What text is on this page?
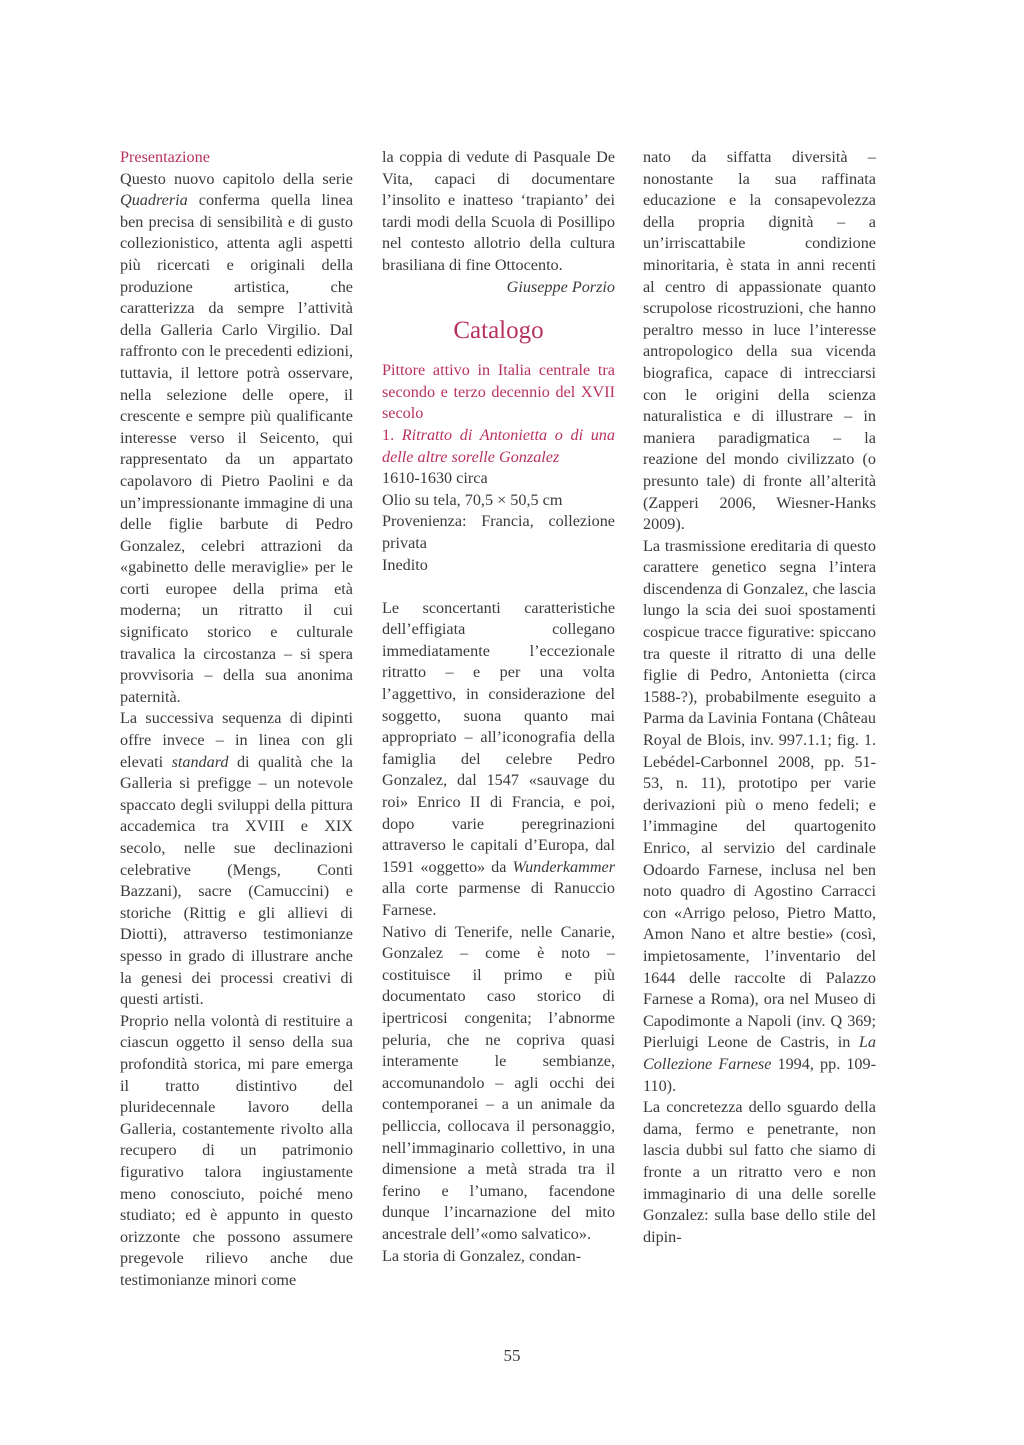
Presentazione

Questo nuovo capitolo della serie Quadreria conferma quella linea ben precisa di sensibilità e di gusto collezionistico, attenta agli aspetti più ricercati e originali della produzione artistica, che caratterizza da sempre l’attività della Galleria Carlo Virgilio. Dal raffronto con le precedenti edizioni, tuttavia, il lettore potrà osservare, nella selezione delle opere, il crescente e sempre più qualificante interesse verso il Seicento, qui rappresentato da un appartato capolavoro di Pietro Paolini e da un’impressionante immagine di una delle figlie barbute di Pedro Gonzalez, celebri attrazioni da «gabinetto delle meraviglie» per le corti europee della prima età moderna; un ritratto il cui significato storico e culturale travalica la circostanza – si spera provvisoria – della sua anonima paternità.

La successiva sequenza di dipinti offre invece – in linea con gli elevati standard di qualità che la Galleria si prefigge – un notevole spaccato degli sviluppi della pittura accademica tra XVIII e XIX secolo, nelle sue declinazioni celebrative (Mengs, Conti Bazzani), sacre (Camuccini) e storiche (Rittig e gli allievi di Diotti), attraverso testimonianze spesso in grado di illustrare anche la genesi dei processi creativi di questi artisti.

Proprio nella volontà di restituire a ciascun oggetto il senso della sua profondità storica, mi pare emerga il tratto distintivo del pluridecennale lavoro della Galleria, costantemente rivolto alla recupero di un patrimonio figurativo talora ingiustamente meno conosciuto, poiché meno studiato; ed è appunto in questo orizzonte che possono assumere pregevole rilievo anche due testimonianze minori come

la coppia di vedute di Pasquale De Vita, capaci di documentare l’insolito e inatteso ‘trapianto’ dei tardi modi della Scuola di Posillipo nel contesto allotrio della cultura brasiliana di fine Ottocento.

Giuseppe Porzio

Catalogo

Pittore attivo in Italia centrale tra secondo e terzo decennio del XVII secolo

1. Ritratto di Antonietta o di una delle altre sorelle Gonzalez

1610-1630 circa

Olio su tela, 70,5 × 50,5 cm

Provenienza: Francia, collezione privata

Inedito

Le sconcertanti caratteristiche dell’effigiata collegano immediatamente l’eccezionale ritratto – e per una volta l’aggettivo, in considerazione del soggetto, suona quanto mai appropriato – all’iconografia della famiglia del celebre Pedro Gonzalez, dal 1547 «sauvage du roi» Enrico II di Francia, e poi, dopo varie peregrinazioni attraverso le capitali d’Europa, dal 1591 «oggetto» da Wunderkammer alla corte parmense di Ranuccio Farnese.

Nativo di Tenerife, nelle Canarie, Gonzalez – come è noto – costituisce il primo e più documentato caso storico di ipertricosi congenita; l’abnorme peluria, che ne copriva quasi interamente le sembianze, accomunandolo – agli occhi dei contemporanei – a un animale da pelliccia, collocava il personaggio, nell’immaginario collettivo, in una dimensione a metà strada tra il ferino e l’umano, facendone dunque l’incarnazione del mito ancestrale dell’«omo salvatico».

La storia di Gonzalez, condan-

nato da siffatta diversità – nonostante la sua raffinata educazione e la consapevolezza della propria dignità – a un’irriscattabile condizione minoritaria, è stata in anni recenti al centro di appassionate quanto scrupolose ricostruzioni, che hanno peraltro messo in luce l’interesse antropologico della sua vicenda biografica, capace di intrecciarsi con le origini della scienza naturalistica e di illustrare – in maniera paradigmatica – la reazione del mondo civilizzato (o presunto tale) di fronte all’alterità (Zapperi 2006, Wiesner-Hanks 2009).

La trasmissione ereditaria di questo carattere genetico segna l’intera discendenza di Gonzalez, che lascia lungo la scia dei suoi spostamenti cospicue tracce figurative: spiccano tra queste il ritratto di una delle figlie di Pedro, Antonietta (circa 1588-?), probabilmente eseguito a Parma da Lavinia Fontana (Château Royal de Blois, inv. 997.1.1; fig. 1. Lebédel-Carbonnel 2008, pp. 51-53, n. 11), prototipo per varie derivazioni più o meno fedeli; e l’immagine del quartogenito Enrico, al servizio del cardinale Odoardo Farnese, inclusa nel ben noto quadro di Agostino Carracci con «Arrigo peloso, Pietro Matto, Amon Nano et altre bestie» (così, impietosamente, l’inventario del 1644 delle raccolte di Palazzo Farnese a Roma), ora nel Museo di Capodimonte a Napoli (inv. Q 369; Pierluigi Leone de Castris, in La Collezione Farnese 1994, pp. 109-110).

La concretezza dello sguardo della dama, fermo e penetrante, non lascia dubbi sul fatto che siamo di fronte a un ritratto vero e non immaginario di una delle sorelle Gonzalez: sulla base dello stile del dipin-

55
